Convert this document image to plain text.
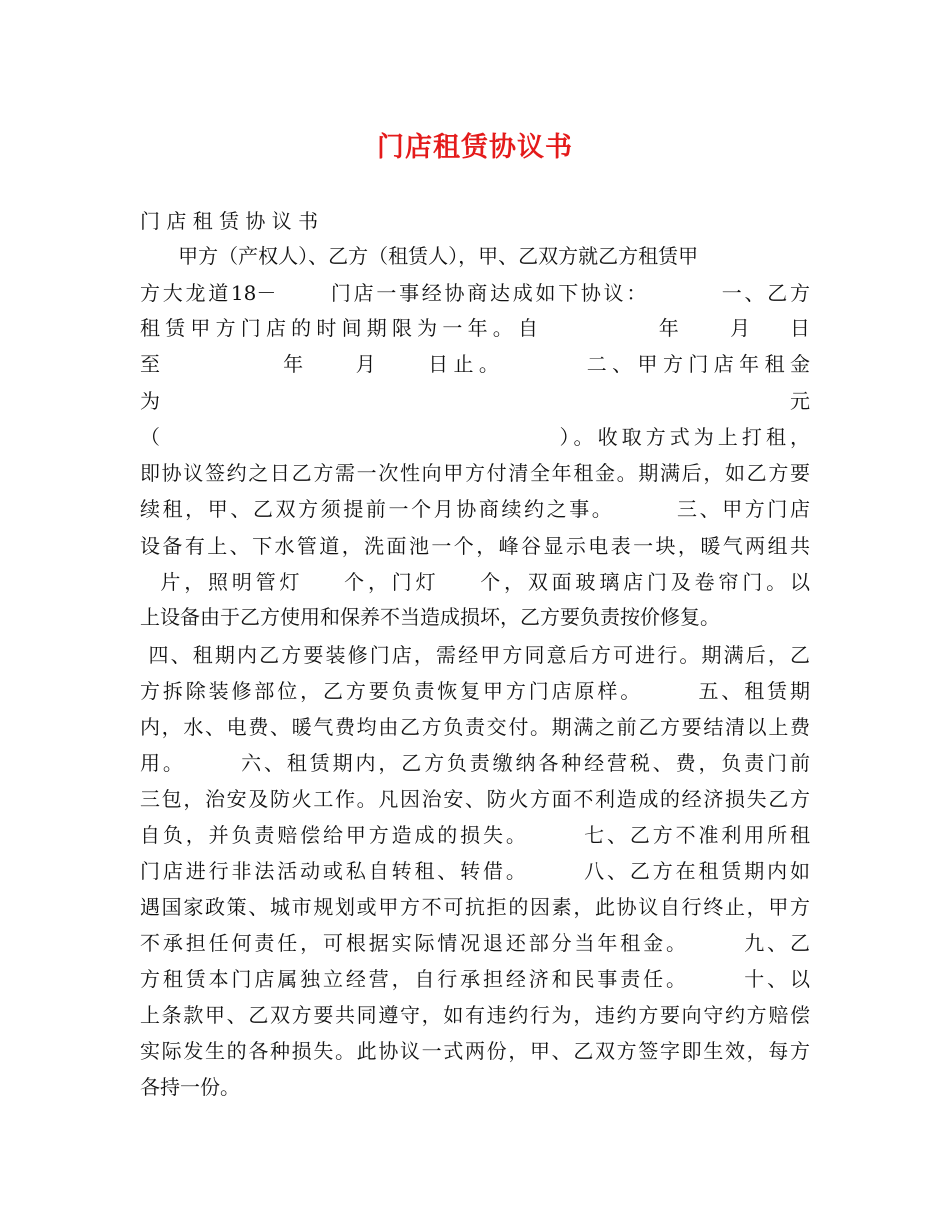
门店租赁协议书
门 店 租 赁 协 议 书
甲方（产权人）、乙方（租赁人），甲、乙双方就乙方租赁甲
方大龙道18－      门店一事经协商达成如下协议：        一、乙方
租赁甲方门店的时间期限为一年。自          年    月   日
至          年    月    日止。       二、甲方门店年租金
为                                                    元
（                                      ）。收取方式为上打租，
即协议签约之日乙方需一次性向甲方付清全年租金。期满后，如乙方要
续租，甲、乙双方须提前一个月协商续约之事。       三、甲方门店
设备有上、下水管道，洗面池一个，峰谷显示电表一块，暖气两组共
片，照明管灯    个，门灯    个，双面玻璃店门及卷帘门。以
上设备由于乙方使用和保养不当造成损坏，乙方要负责按价修复。
四、租期内乙方要装修门店，需经甲方同意后方可进行。期满后，乙
方拆除装修部位，乙方要负责恢复甲方门店原样。      五、租赁期
内，水、电费、暖气费均由乙方负责交付。期满之前乙方要结清以上费
用。      六、租赁期内，乙方负责缴纳各种经营税、费，负责门前
三包，治安及防火工作。凡因治安、防火方面不利造成的经济损失乙方
自负，并负责赔偿给甲方造成的损失。      七、乙方不准利用所租
门店进行非法活动或私自转租、转借。      八、乙方在租赁期内如
遇国家政策、城市规划或甲方不可抗拒的因素，此协议自行终止，甲方
不承担任何责任，可根据实际情况退还部分当年租金。      九、乙
方租赁本门店属独立经营，自行承担经济和民事责任。      十、以
上条款甲、乙双方要共同遵守，如有违约行为，违约方要向守约方赔偿
实际发生的各种损失。此协议一式两份，甲、乙双方签字即生效，每方
各持一份。
